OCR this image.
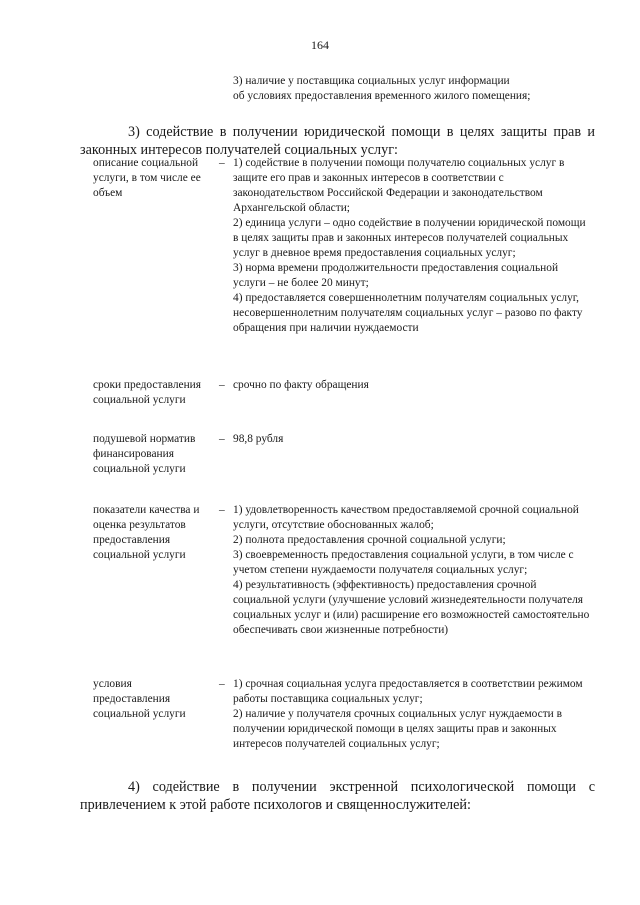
164
3) наличие у поставщика социальных услуг информации
об условиях предоставления временного жилого помещения;
3) содействие в получении юридической помощи в целях защиты прав и законных интересов получателей социальных услуг:
описание социальной услуги, в том числе ее объем
– 1) содействие в получении помощи получателю социальных услуг в защите его прав и законных интересов в соответствии с законодательством Российской Федерации и законодательством Архангельской области;

2) единица услуги – одно содействие в получении юридической помощи в целях защиты прав и законных интересов получателей социальных услуг в дневное время предоставления социальных услуг;

3) норма времени продолжительности предоставления социальной услуги – не более 20 минут;

4) предоставляется совершеннолетним получателям социальных услуг, несовершеннолетним получателям социальных услуг – разово по факту обращения при наличии нуждаемости

сроки предоставления социальной услуги
– срочно по факту обращения

подушевой норматив финансирования социальной услуги
– 98,8 рубля

показатели качества и оценка результатов предоставления социальной услуги
– 1) удовлетворенность качеством предоставляемой срочной социальной услуги, отсутствие обоснованных жалоб;

2) полнота предоставления срочной социальной услуги;

3) своевременность предоставления социальной услуги, в том числе с учетом степени нуждаемости получателя социальных услуг;

4) результативность (эффективность) предоставления срочной социальной услуги (улучшение условий жизнедеятельности получателя социальных услуг и (или) расширение его возможностей самостоятельно обеспечивать свои жизненные потребности)

условия предоставления социальной услуги
– 1) срочная социальная услуга предоставляется в соответствии режимом работы поставщика социальных услуг;

2) наличие у получателя срочных социальных услуг нуждаемости в получении юридической помощи в целях защиты прав и законных интересов получателей социальных услуг;

4) содействие в получении экстренной психологической помощи с привлечением к этой работе психологов и священнослужителей:
